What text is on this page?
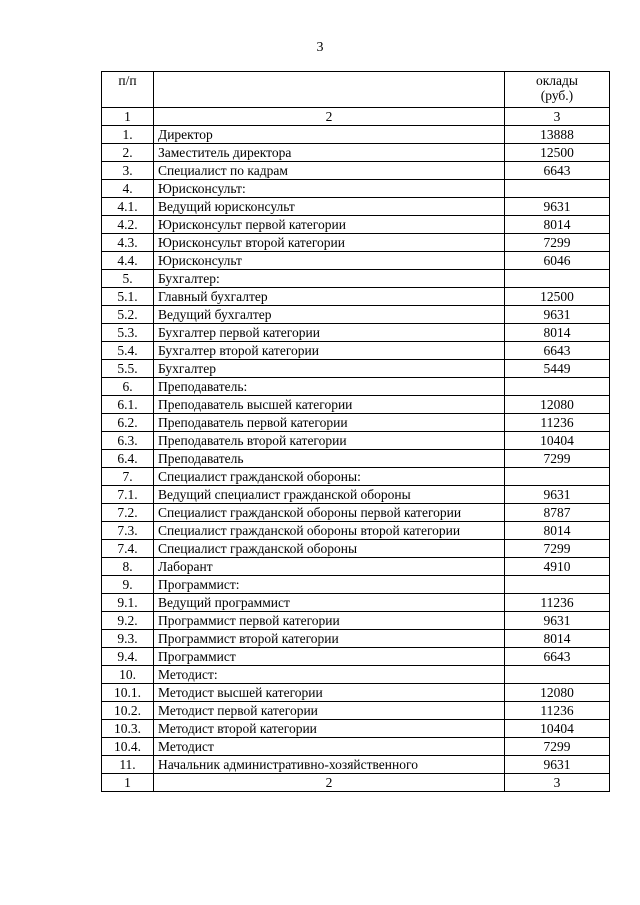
3
п/п		оклады
(руб.)
1	2	3
1.	Директор	13888
2.	Заместитель директора	12500
3.	Специалист по кадрам	6643
4.	Юрисконсульт:	
4.1.	Ведущий юрисконсульт	9631
4.2.	Юрисконсульт первой категории	8014
4.3.	Юрисконсульт второй категории	7299
4.4.	Юрисконсульт	6046
5.	Бухгалтер:	
5.1.	Главный бухгалтер	12500
5.2.	Ведущий бухгалтер	9631
5.3.	Бухгалтер первой категории	8014
5.4.	Бухгалтер второй категории	6643
5.5.	Бухгалтер	5449
6.	Преподаватель:	
6.1.	Преподаватель высшей категории	12080
6.2.	Преподаватель первой категории	11236
6.3.	Преподаватель второй категории	10404
6.4.	Преподаватель	7299
7.	Специалист гражданской обороны:	
7.1.	Ведущий специалист гражданской обороны	9631
7.2.	Специалист гражданской обороны первой категории	8787
7.3.	Специалист гражданской обороны второй категории	8014
7.4.	Специалист гражданской обороны	7299
8.	Лаборант	4910
9.	Программист:	
9.1.	Ведущий программист	11236
9.2.	Программист первой категории	9631
9.3.	Программист второй категории	8014
9.4.	Программист	6643
10.	Методист:	
10.1.	Методист высшей категории	12080
10.2.	Методист первой категории	11236
10.3.	Методист второй категории	10404
10.4.	Методист	7299
11.	Начальник административно-хозяйственного	9631
1	2	3
